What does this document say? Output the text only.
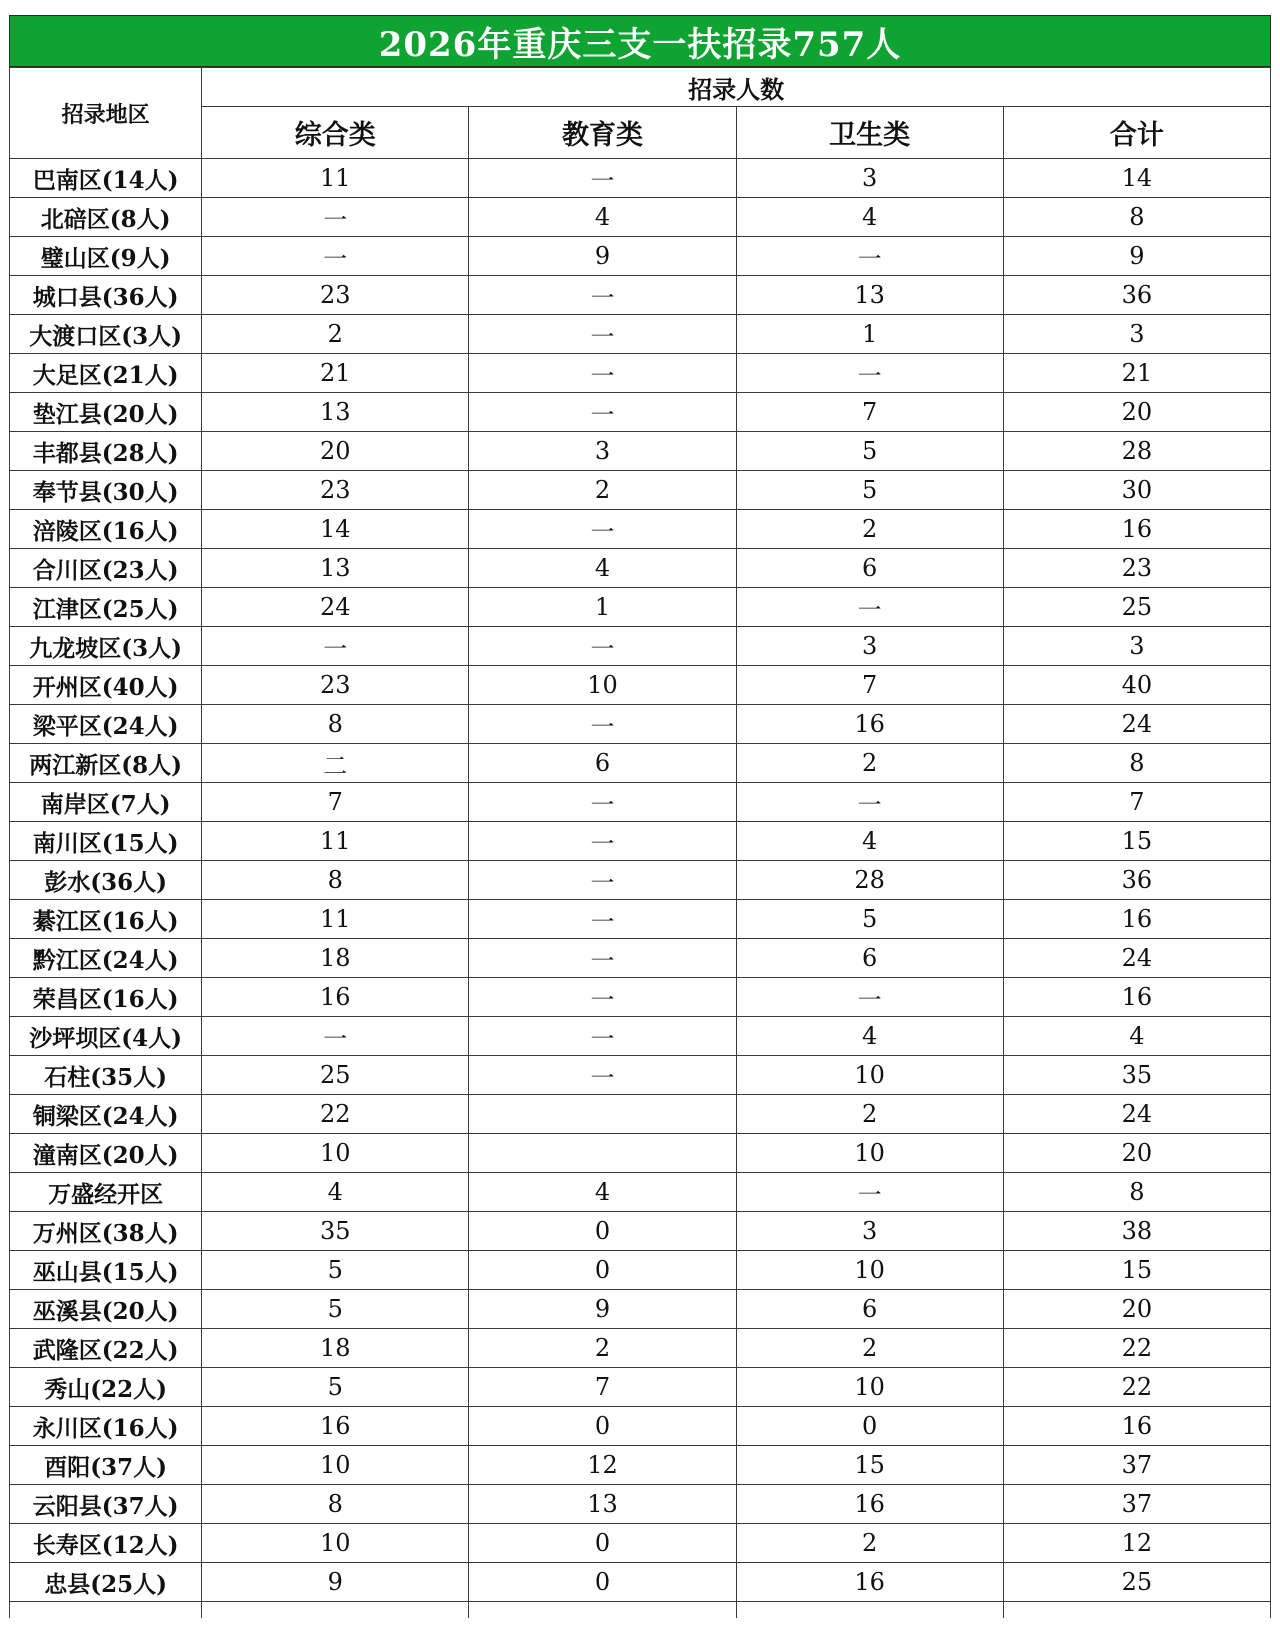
2026年重庆三支一扶招录757人
招录地区	招录人数			
	综合类	教育类	卫生类	合计
巴南区(14人)	11	一	3	14
北碚区(8人)	一	4	4	8
璧山区(9人)	一	9	一	9
城口县(36人)	23	一	13	36
大渡口区(3人)	2	一	1	3
大足区(21人)	21	一	一	21
垫江县(20人)	13	一	7	20
丰都县(28人)	20	3	5	28
奉节县(30人)	23	2	5	30
涪陵区(16人)	14	一	2	16
合川区(23人)	13	4	6	23
江津区(25人)	24	1	一	25
九龙坡区(3人)	一	一	3	3
开州区(40人)	23	10	7	40
梁平区(24人)	8	一	16	24
两江新区(8人)	二	6	2	8
南岸区(7人)	7	一	一	7
南川区(15人)	11	一	4	15
彭水(36人)	8	一	28	36
綦江区(16人)	11	一	5	16
黔江区(24人)	18	一	6	24
荣昌区(16人)	16	一	一	16
沙坪坝区(4人)	一	一	4	4
石柱(35人)	25	一	10	35
铜梁区(24人)	22		2	24
潼南区(20人)	10		10	20
万盛经开区	4	4	一	8
万州区(38人)	35	0	3	38
巫山县(15人)	5	0	10	15
巫溪县(20人)	5	9	6	20
武隆区(22人)	18	2	2	22
秀山(22人)	5	7	10	22
永川区(16人)	16	0	0	16
酉阳(37人)	10	12	15	37
云阳县(37人)	8	13	16	37
长寿区(12人)	10	0	2	12
忠县(25人)	9	0	16	25
